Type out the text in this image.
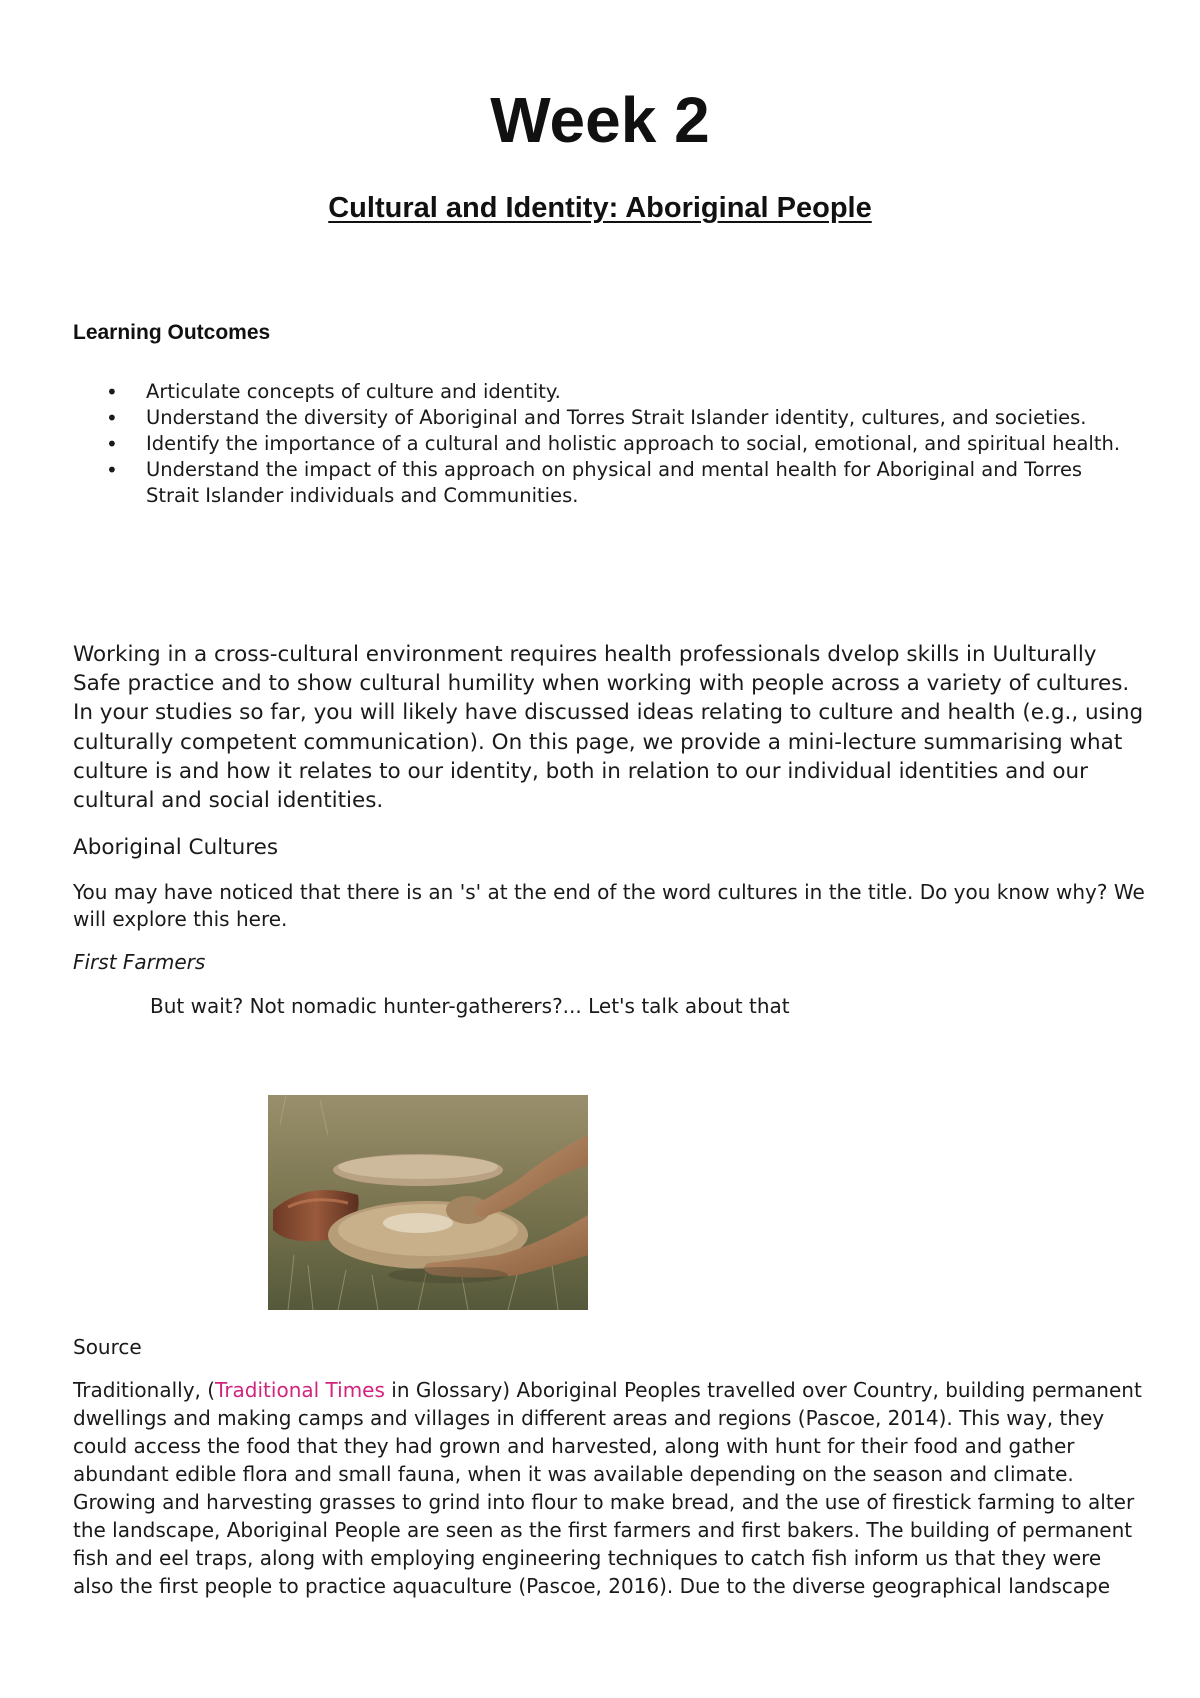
Week 2
Cultural and Identity: Aboriginal People
Learning Outcomes
• Articulate concepts of culture and identity.
• Understand the diversity of Aboriginal and Torres Strait Islander identity, cultures, and societies.
• Identify the importance of a cultural and holistic approach to social, emotional, and spiritual health.
• Understand the impact of this approach on physical and mental health for Aboriginal and Torres Strait Islander individuals and Communities.

Working in a cross-cultural environment requires health professionals dvelop skills in Uulturally Safe practice and to show cultural humility when working with people across a variety of cultures. In your studies so far, you will likely have discussed ideas relating to culture and health (e.g., using culturally competent communication). On this page, we provide a mini-lecture summarising what culture is and how it relates to our identity, both in relation to our individual identities and our cultural and social identities.

Aboriginal Cultures

You may have noticed that there is an 's' at the end of the word cultures in the title. Do you know why? We will explore this here.

First Farmers

But wait? Not nomadic hunter-gatherers?... Let's talk about that

Source

Traditionally, (Traditional Times in Glossary) Aboriginal Peoples travelled over Country, building permanent dwellings and making camps and villages in different areas and regions (Pascoe, 2014). This way, they could access the food that they had grown and harvested, along with hunt for their food and gather abundant edible flora and small fauna, when it was available depending on the season and climate. Growing and harvesting grasses to grind into flour to make bread, and the use of firestick farming to alter the landscape, Aboriginal People are seen as the first farmers and first bakers. The building of permanent fish and eel traps, along with employing engineering techniques to catch fish inform us that they were also the first people to practice aquaculture (Pascoe, 2016). Due to the diverse geographical landscape
